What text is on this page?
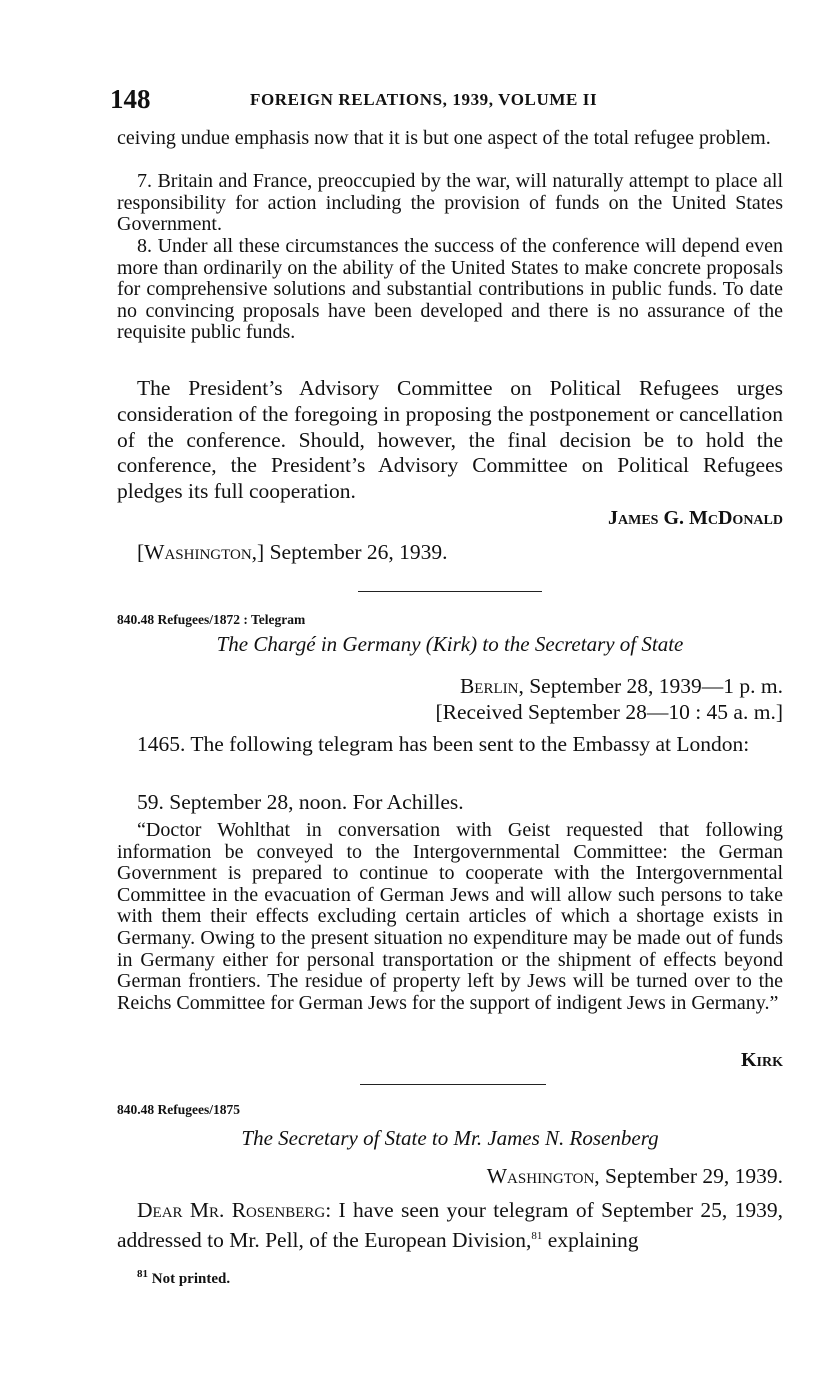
148	FOREIGN RELATIONS, 1939, VOLUME II

ceiving undue emphasis now that it is but one aspect of the total refugee problem.

7. Britain and France, preoccupied by the war, will naturally attempt to place all responsibility for action including the provision of funds on the United States Government.

8. Under all these circumstances the success of the conference will depend even more than ordinarily on the ability of the United States to make concrete proposals for comprehensive solutions and substantial contributions in public funds. To date no convincing proposals have been developed and there is no assurance of the requisite public funds.

The President’s Advisory Committee on Political Refugees urges consideration of the foregoing in proposing the postponement or cancellation of the conference. Should, however, the final decision be to hold the conference, the President’s Advisory Committee on Political Refugees pledges its full cooperation.

James G. McDonald

[Washington,] September 26, 1939.

840.48 Refugees/1872 : Telegram

The Chargé in Germany (Kirk) to the Secretary of State

Berlin, September 28, 1939—1 p. m.

[Received September 28—10 : 45 a. m.]

1465. The following telegram has been sent to the Embassy at London:

59. September 28, noon. For Achilles.

“Doctor Wohlthat in conversation with Geist requested that following information be conveyed to the Intergovernmental Committee: the German Government is prepared to continue to cooperate with the Intergovernmental Committee in the evacuation of German Jews and will allow such persons to take with them their effects excluding certain articles of which a shortage exists in Germany. Owing to the present situation no expenditure may be made out of funds in Germany either for personal transportation or the shipment of effects beyond German frontiers. The residue of property left by Jews will be turned over to the Reichs Committee for German Jews for the support of indigent Jews in Germany.”

Kirk

840.48 Refugees/1875

The Secretary of State to Mr. James N. Rosenberg

Washington, September 29, 1939.

Dear Mr. Rosenberg: I have seen your telegram of September 25, 1939, addressed to Mr. Pell, of the European Division,$^{81}$ explaining

$^{81}$ Not printed.
